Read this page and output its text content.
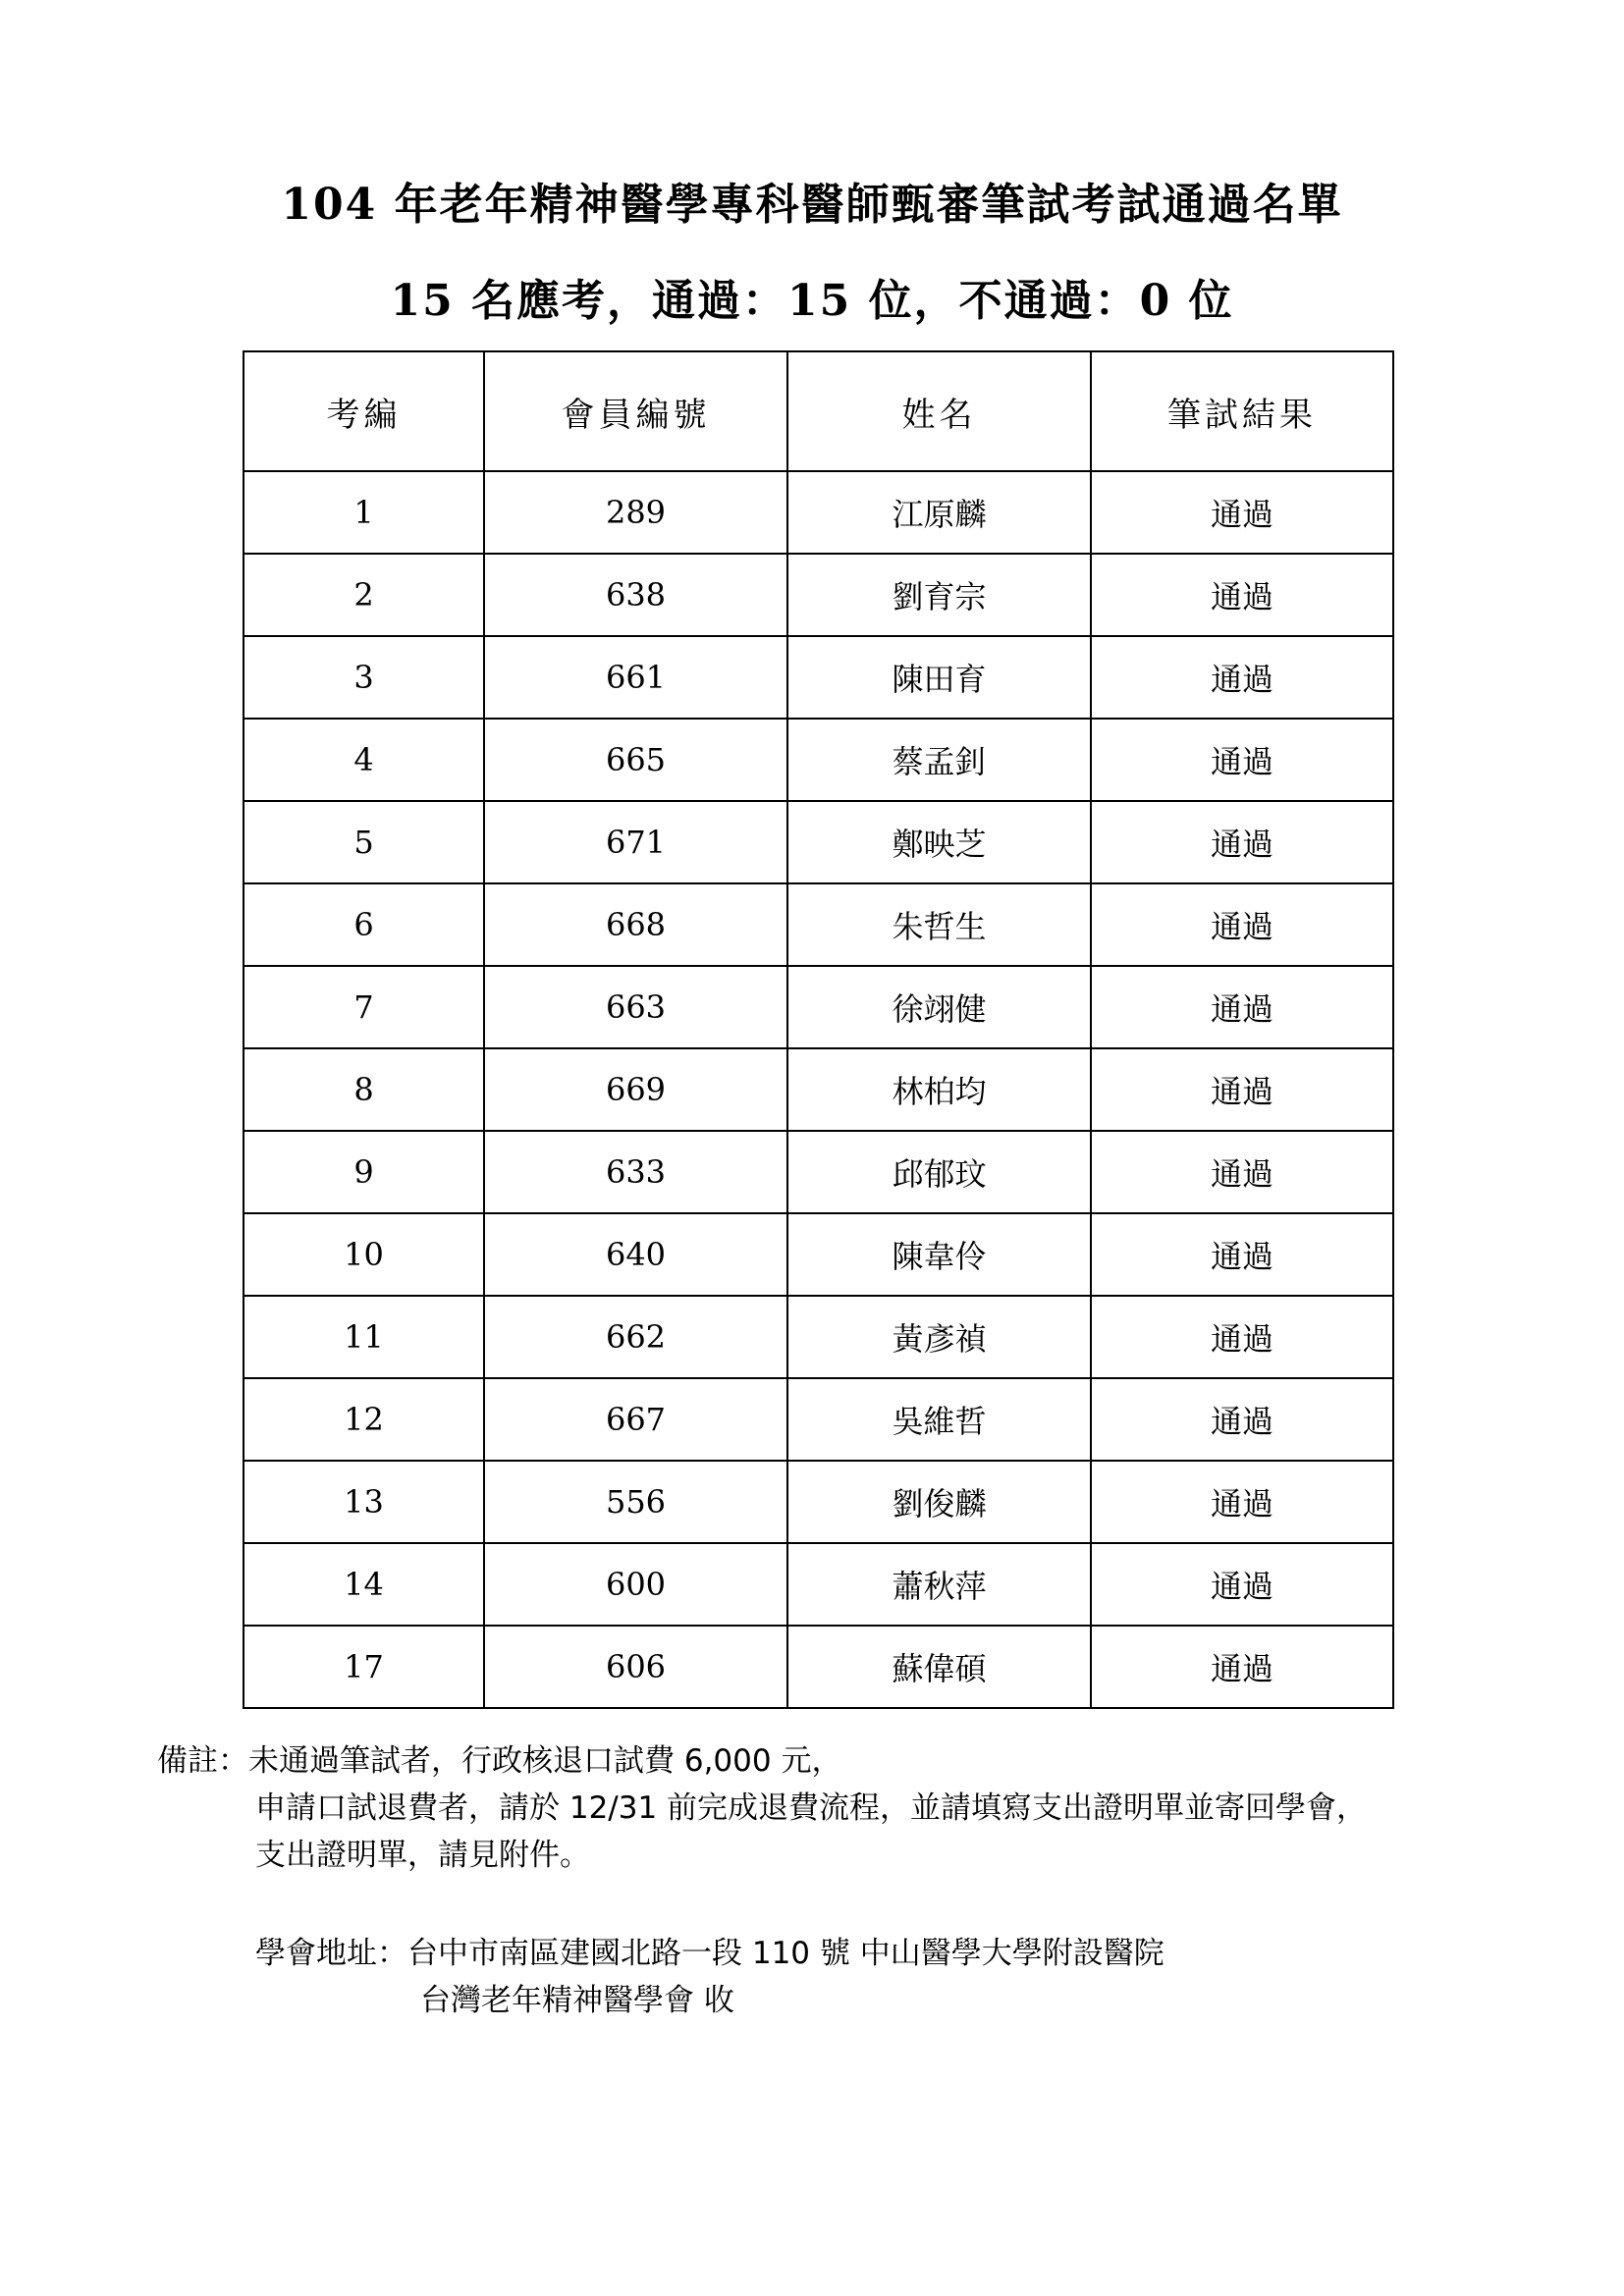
104 年老年精神醫學專科醫師甄審筆試考試通過名單
15 名應考，通過：15 位，不通過：0 位
考編	會員編號	姓名	筆試結果
1	289	江原麟	通過
2	638	劉育宗	通過
3	661	陳田育	通過
4	665	蔡孟釗	通過
5	671	鄭映芝	通過
6	668	朱哲生	通過
7	663	徐翊健	通過
8	669	林柏均	通過
9	633	邱郁玟	通過
10	640	陳韋伶	通過
11	662	黃彥禎	通過
12	667	吳維哲	通過
13	556	劉俊麟	通過
14	600	蕭秋萍	通過
17	606	蘇偉碩	通過
備註：未通過筆試者，行政核退口試費 6,000 元，
申請口試退費者，請於 12/31 前完成退費流程，並請填寫支出證明單並寄回學會，
支出證明單，請見附件。
學會地址：台中市南區建國北路一段 110 號 中山醫學大學附設醫院
台灣老年精神醫學會 收
